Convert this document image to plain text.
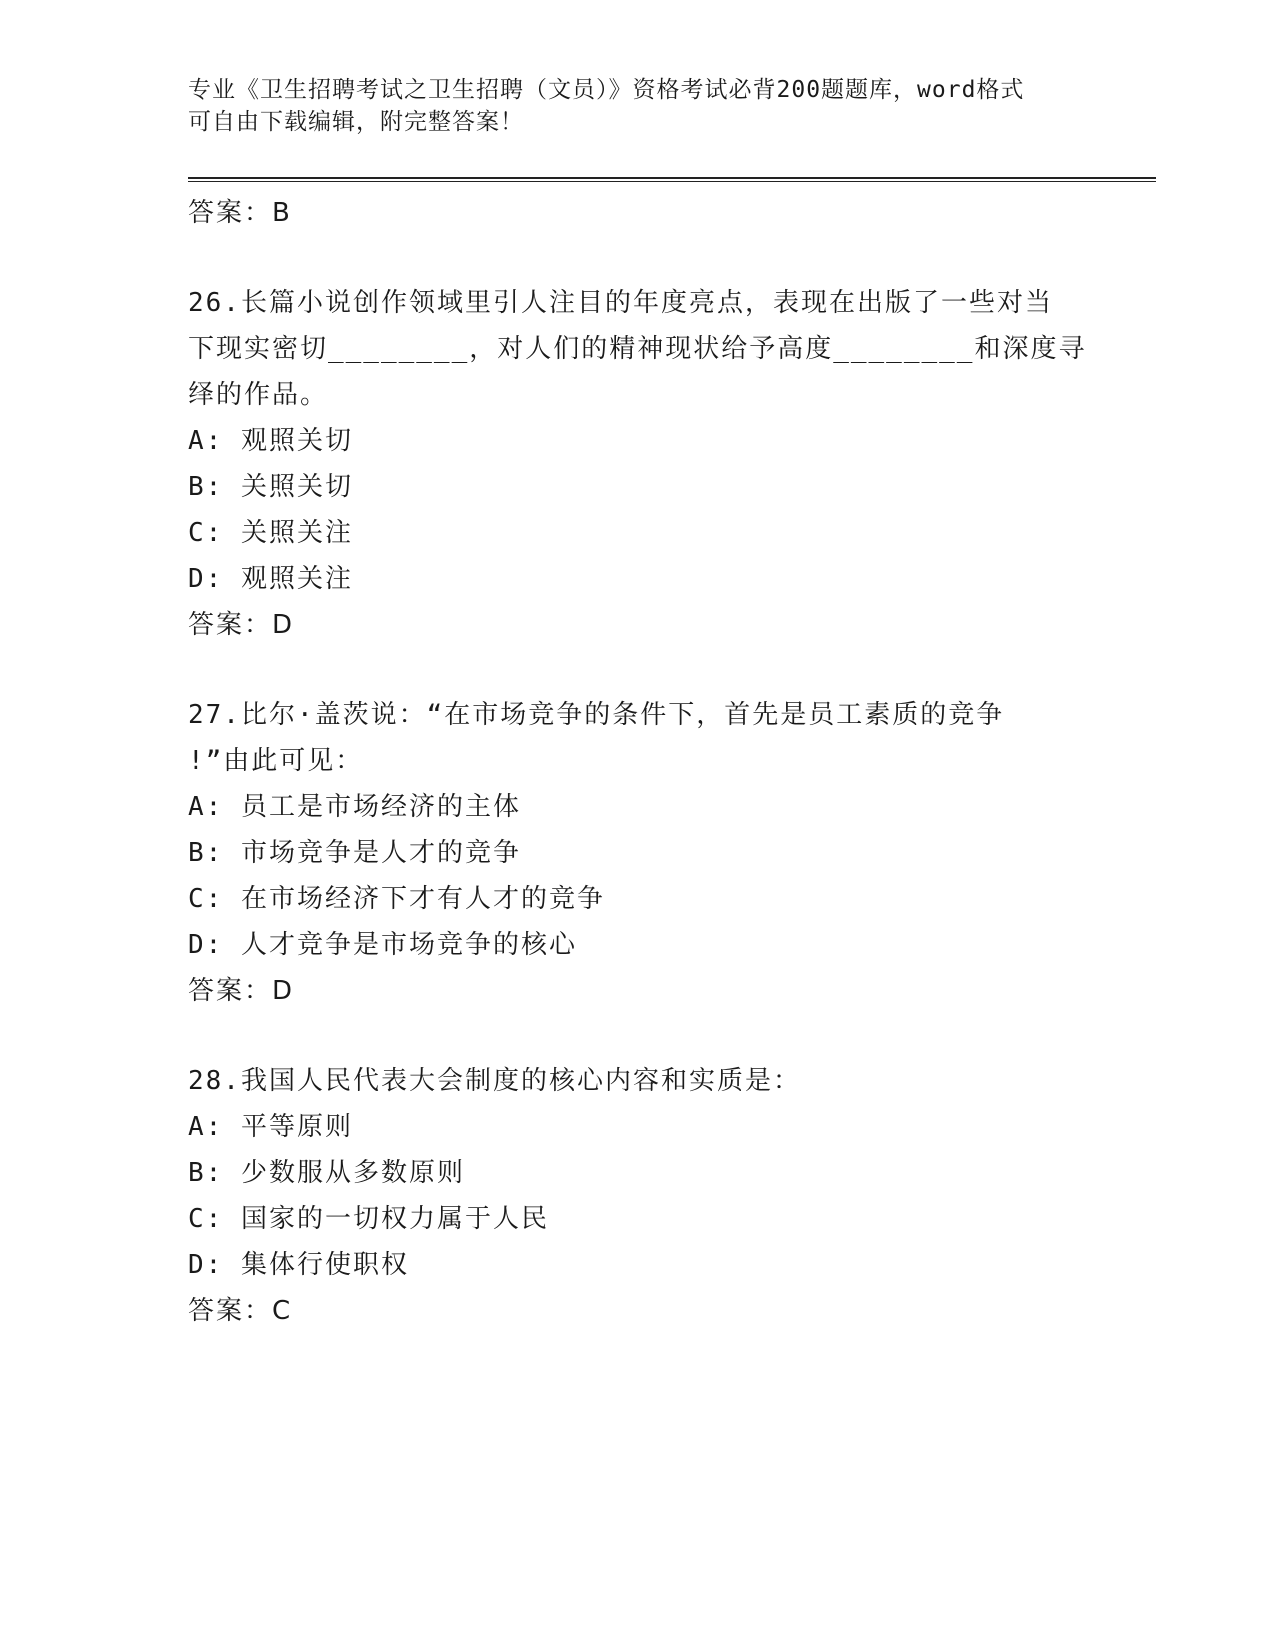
专业《卫生招聘考试之卫生招聘（文员）》资格考试必背200题题库，word格式
可自由下载编辑，附完整答案！
答案：B
26.长篇小说创作领域里引人注目的年度亮点，表现在出版了一些对当
下现实密切________，对人们的精神现状给予高度________和深度寻
绎的作品。
A: 观照关切
B: 关照关切
C: 关照关注
D: 观照关注
答案：D
27.比尔·盖茨说：“在市场竞争的条件下，首先是员工素质的竞争
!”由此可见：
A: 员工是市场经济的主体
B: 市场竞争是人才的竞争
C: 在市场经济下才有人才的竞争
D: 人才竞争是市场竞争的核心
答案：D
28.我国人民代表大会制度的核心内容和实质是：
A: 平等原则
B: 少数服从多数原则
C: 国家的一切权力属于人民
D: 集体行使职权
答案：C
